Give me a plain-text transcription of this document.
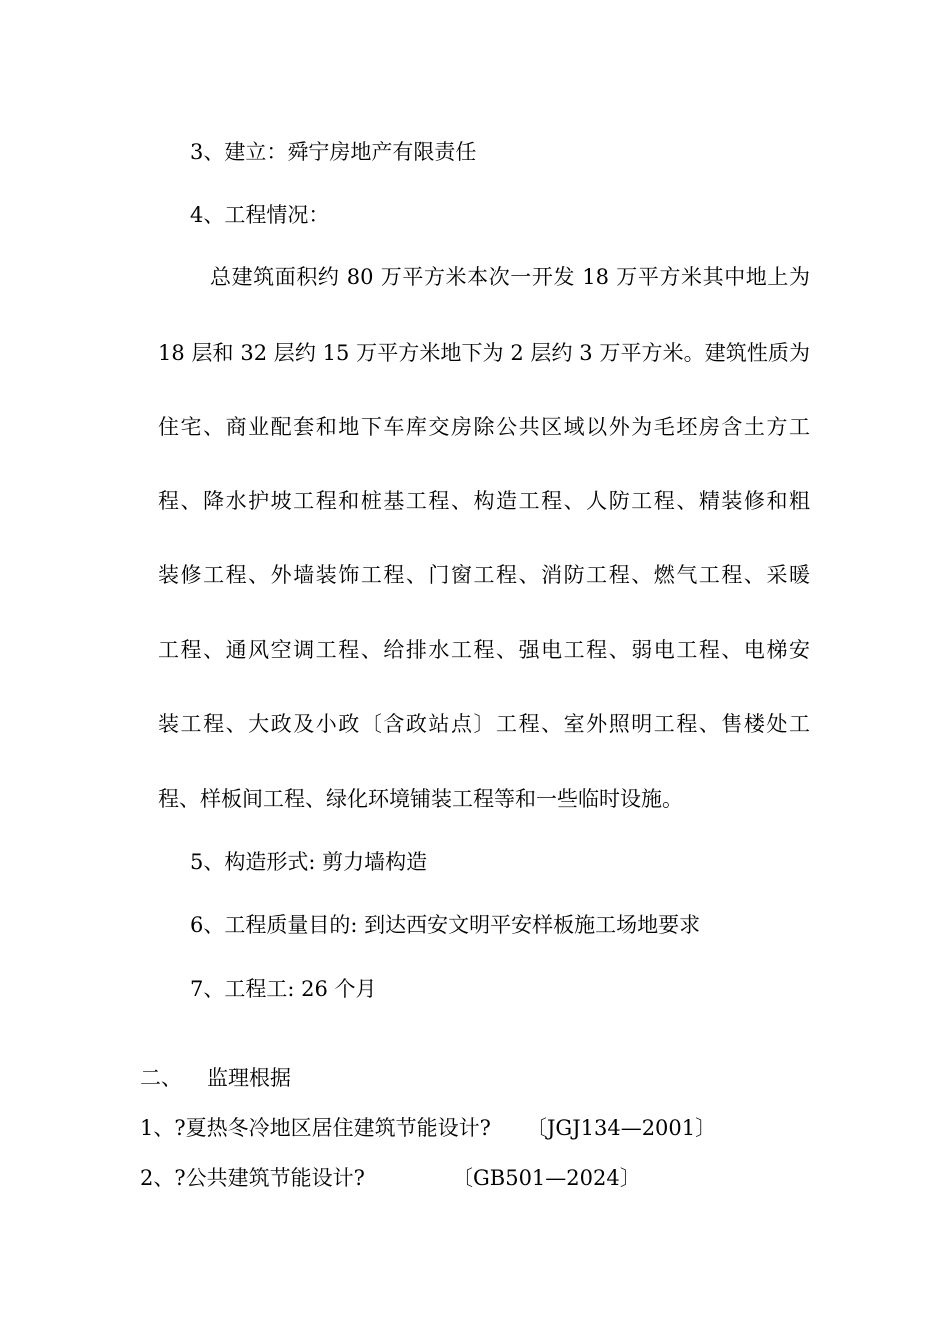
3、建立：舜宁房地产有限责任
4、工程情况：
总建筑面积约 80 万平方米本次一开发 18 万平方米其中地上为
18 层和 32 层约 15 万平方米地下为 2 层约 3 万平方米。建筑性质为
住宅、商业配套和地下车库交房除公共区域以外为毛坯房含土方工
程、降水护坡工程和桩基工程、构造工程、人防工程、精装修和粗
装修工程、外墙装饰工程、门窗工程、消防工程、燃气工程、采暖
工程、通风空调工程、给排水工程、强电工程、弱电工程、电梯安
装工程、大政及小政〔含政站点〕工程、室外照明工程、售楼处工
程、样板间工程、绿化环境铺装工程等和一些临时设施。
5、构造形式: 剪力墙构造
6、工程质量目的: 到达西安文明平安样板施工场地要求
7、工程工: 26 个月
二、 监理根据
1、?夏热冬冷地区居住建筑节能设计? 〔JGJ134—2001〕
2、?公共建筑节能设计?	〔GB501—2024〕
